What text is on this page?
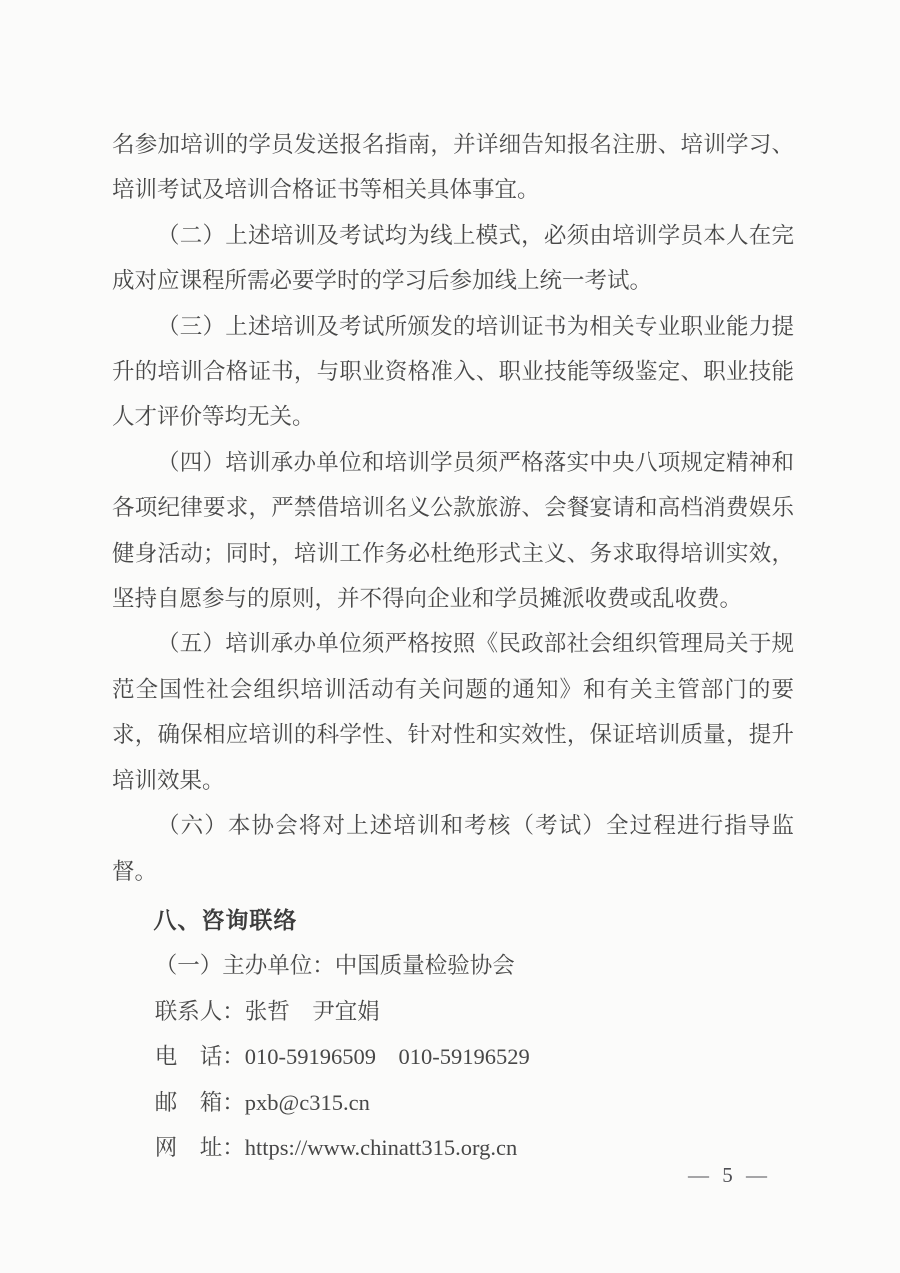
名参加培训的学员发送报名指南，并详细告知报名注册、培训学习、培训考试及培训合格证书等相关具体事宜。

（二）上述培训及考试均为线上模式，必须由培训学员本人在完成对应课程所需必要学时的学习后参加线上统一考试。

（三）上述培训及考试所颁发的培训证书为相关专业职业能力提升的培训合格证书，与职业资格准入、职业技能等级鉴定、职业技能人才评价等均无关。

（四）培训承办单位和培训学员须严格落实中央八项规定精神和各项纪律要求，严禁借培训名义公款旅游、会餐宴请和高档消费娱乐健身活动；同时，培训工作务必杜绝形式主义、务求取得培训实效，坚持自愿参与的原则，并不得向企业和学员摊派收费或乱收费。

（五）培训承办单位须严格按照《民政部社会组织管理局关于规范全国性社会组织培训活动有关问题的通知》和有关主管部门的要求，确保相应培训的科学性、针对性和实效性，保证培训质量，提升培训效果。

（六）本协会将对上述培训和考核（考试）全过程进行指导监督。

八、咨询联络

（一）主办单位：中国质量检验协会

联系人：张哲　尹宜娟

电　话：010-59196509　010-59196529

邮　箱：pxb@c315.cn

网　址：https://www.chinatt315.org.cn

— 5 —
